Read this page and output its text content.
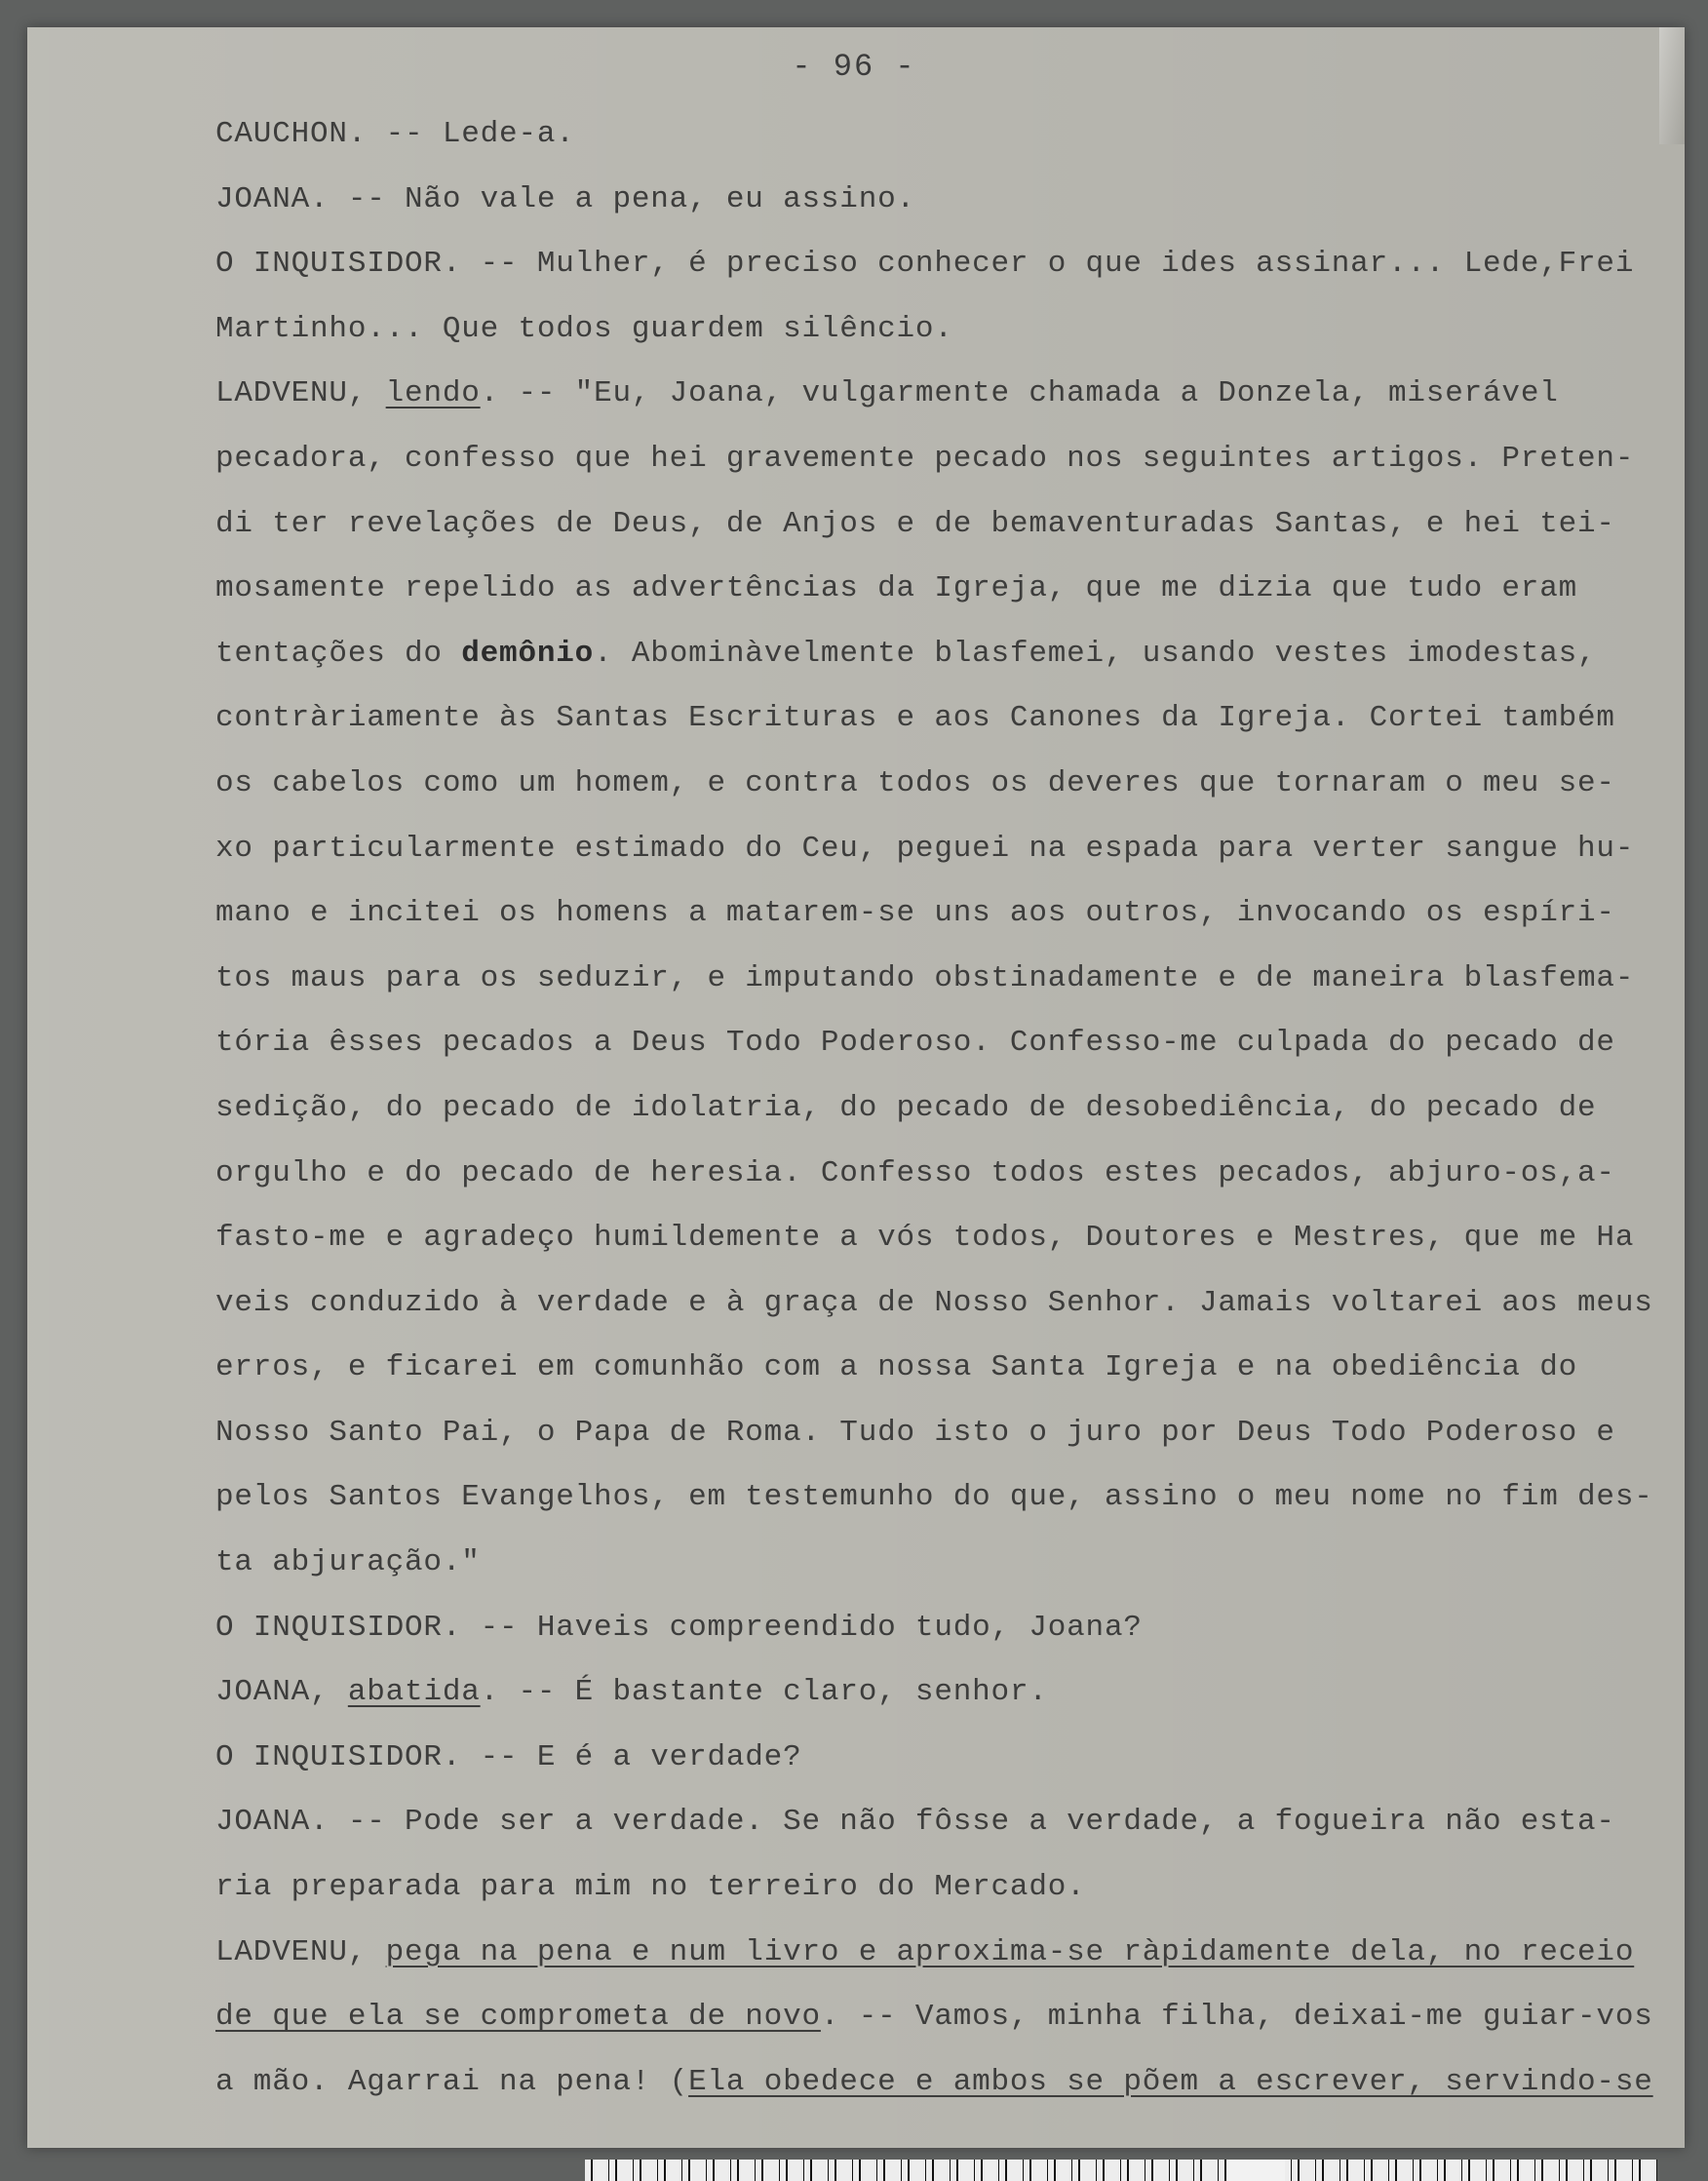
- 96 -
CAUCHON. -- Lede-a.
JOANA. -- Não vale a pena, eu assino.
O INQUISIDOR. -- Mulher, é preciso conhecer o que ides assinar... Lede,Frei
Martinho... Que todos guardem silêncio.
LADVENU, lendo. -- "Eu, Joana, vulgarmente chamada a Donzela, miserável
pecadora, confesso que hei gravemente pecado nos seguintes artigos. Preten-
di ter revelações de Deus, de Anjos e de bemaventuradas Santas, e hei tei-
mosamente repelido as advertências da Igreja, que me dizia que tudo eram
tentações do demônio. Abominàvelmente blasfemei, usando vestes imodestas,
contràriamente às Santas Escrituras e aos Canones da Igreja. Cortei também
os cabelos como um homem, e contra todos os deveres que tornaram o meu se-
xo particularmente estimado do Ceu, peguei na espada para verter sangue hu-
mano e incitei os homens a matarem-se uns aos outros, invocando os espíri-
tos maus para os seduzir, e imputando obstinadamente e de maneira blasfema-
tória êsses pecados a Deus Todo Poderoso. Confesso-me culpada do pecado de
sedição, do pecado de idolatria, do pecado de desobediência, do pecado de
orgulho e do pecado de heresia. Confesso todos estes pecados, abjuro-os,a-
fasto-me e agradeço humildemente a vós todos, Doutores e Mestres, que me Ha
veis conduzido à verdade e à graça de Nosso Senhor. Jamais voltarei aos meus
erros, e ficarei em comunhão com a nossa Santa Igreja e na obediência do
Nosso Santo Pai, o Papa de Roma. Tudo isto o juro por Deus Todo Poderoso e
pelos Santos Evangelhos, em testemunho do que, assino o meu nome no fim des-
ta abjuração."
O INQUISIDOR. -- Haveis compreendido tudo, Joana?
JOANA, abatida. -- É bastante claro, senhor.
O INQUISIDOR. -- E é a verdade?
JOANA. -- Pode ser a verdade. Se não fôsse a verdade, a fogueira não esta-
ria preparada para mim no terreiro do Mercado.
LADVENU, pega na pena e num livro e aproxima-se ràpidamente dela, no receio
de que ela se comprometa de novo. -- Vamos, minha filha, deixai-me guiar-vos
a mão. Agarrai na pena! (Ela obedece e ambos se põem a escrever, servindo-se
